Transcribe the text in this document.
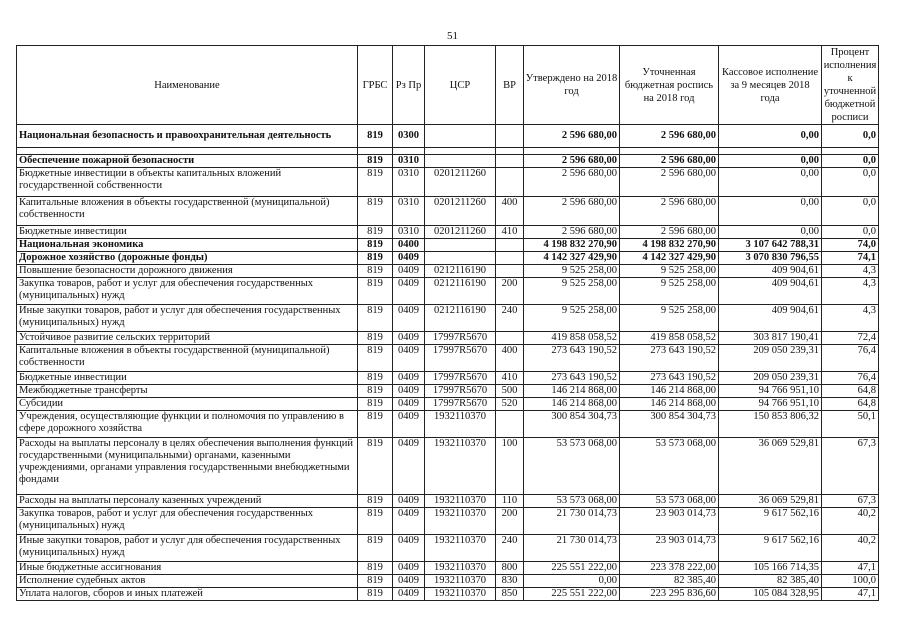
51
Наименование	ГРБС	Рз Пр	ЦСР	ВР	Утверждено на 2018 год	Уточненная бюджетная роспись на 2018 год	Кассовое исполнение за 9 месяцев 2018 года	Процент исполнения к уточненной бюджетной росписи
Национальная безопасность и правоохранительная деятельность	819	0300			2 596 680,00	2 596 680,00	0,00	0,0

Обеспечение пожарной безопасности	819	0310			2 596 680,00	2 596 680,00	0,00	0,0
Бюджетные инвестиции в объекты капитальных вложений государственной собственности	819	0310	0201211260		2 596 680,00	2 596 680,00	0,00	0,0
Капитальные вложения в объекты государственной (муниципальной) собственности	819	0310	0201211260	400	2 596 680,00	2 596 680,00	0,00	0,0
Бюджетные инвестиции	819	0310	0201211260	410	2 596 680,00	2 596 680,00	0,00	0,0
Национальная экономика	819	0400			4 198 832 270,90	4 198 832 270,90	3 107 642 788,31	74,0
Дорожное хозяйство (дорожные фонды)	819	0409			4 142 327 429,90	4 142 327 429,90	3 070 830 796,55	74,1
Повышение безопасности дорожного движения	819	0409	0212116190		9 525 258,00	9 525 258,00	409 904,61	4,3
Закупка товаров, работ и услуг для обеспечения государственных (муниципальных) нужд	819	0409	0212116190	200	9 525 258,00	9 525 258,00	409 904,61	4,3
Иные закупки товаров, работ и услуг для обеспечения государственных (муниципальных) нужд	819	0409	0212116190	240	9 525 258,00	9 525 258,00	409 904,61	4,3
Устойчивое развитие сельских территорий	819	0409	17997R5670		419 858 058,52	419 858 058,52	303 817 190,41	72,4
Капитальные вложения в объекты государственной (муниципальной) собственности	819	0409	17997R5670	400	273 643 190,52	273 643 190,52	209 050 239,31	76,4
Бюджетные инвестиции	819	0409	17997R5670	410	273 643 190,52	273 643 190,52	209 050 239,31	76,4
Межбюджетные трансферты	819	0409	17997R5670	500	146 214 868,00	146 214 868,00	94 766 951,10	64,8
Субсидии	819	0409	17997R5670	520	146 214 868,00	146 214 868,00	94 766 951,10	64,8
Учреждения, осуществляющие функции и полномочия по управлению в сфере дорожного хозяйства	819	0409	1932110370		300 854 304,73	300 854 304,73	150 853 806,32	50,1
Расходы на выплаты персоналу в целях обеспечения выполнения функций государственными (муниципальными) органами, казенными учреждениями, органами управления государственными внебюджетными фондами	819	0409	1932110370	100	53 573 068,00	53 573 068,00	36 069 529,81	67,3
Расходы на выплаты персоналу казенных учреждений	819	0409	1932110370	110	53 573 068,00	53 573 068,00	36 069 529,81	67,3
Закупка товаров, работ и услуг для обеспечения государственных (муниципальных) нужд	819	0409	1932110370	200	21 730 014,73	23 903 014,73	9 617 562,16	40,2
Иные закупки товаров, работ и услуг для обеспечения государственных (муниципальных) нужд	819	0409	1932110370	240	21 730 014,73	23 903 014,73	9 617 562,16	40,2
Иные бюджетные ассигнования	819	0409	1932110370	800	225 551 222,00	223 378 222,00	105 166 714,35	47,1
Исполнение судебных актов	819	0409	1932110370	830	0,00	82 385,40	82 385,40	100,0
Уплата налогов, сборов и иных платежей	819	0409	1932110370	850	225 551 222,00	223 295 836,60	105 084 328,95	47,1
